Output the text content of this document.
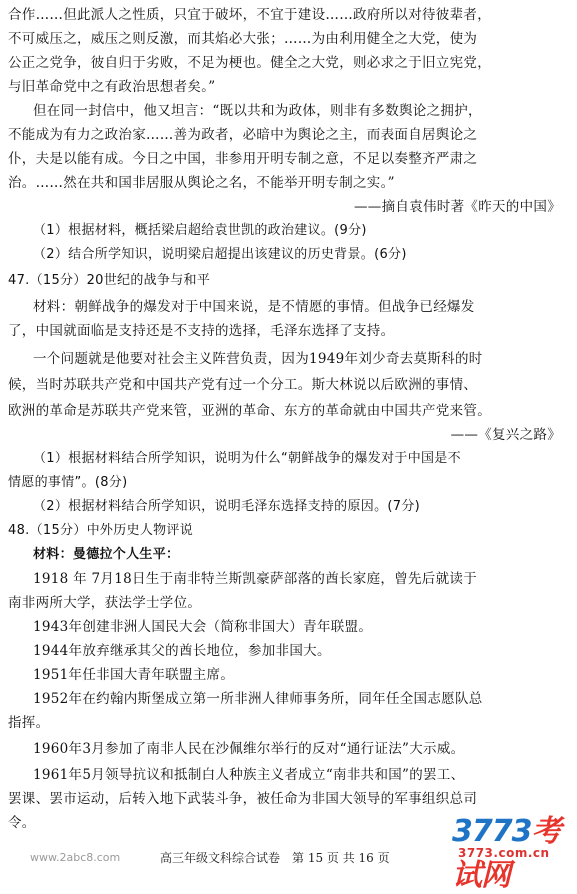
合作……但此派人之性质，只宜于破坏，不宜于建设……政府所以对待彼辈者，
不可威压之，威压之则反激，而其焰必大张；……为由利用健全之大党，使为
公正之党争，彼自归于劣败，不足为梗也。健全之大党，则必求之于旧立宪党，
与旧革命党中之有政治思想者矣。”
但在同一封信中，他又坦言：“既以共和为政体，则非有多数舆论之拥护，
不能成为有力之政治家……善为政者，必暗中为舆论之主，而表面自居舆论之
仆，夫是以能有成。今日之中国，非参用开明专制之意，不足以奏整齐严肃之
治。……然在共和国非居服从舆论之名，不能举开明专制之实。”
——摘自袁伟时著《昨天的中国》
（1）根据材料，概括梁启超给袁世凯的政治建议。(9分)
（2）结合所学知识，说明梁启超提出该建议的历史背景。(6分)
47.（15分）20世纪的战争与和平
材料：朝鲜战争的爆发对于中国来说，是不情愿的事情。但战争已经爆发
了，中国就面临是支持还是不支持的选择，毛泽东选择了支持。
一个问题就是他要对社会主义阵营负责，因为1949年刘少奇去莫斯科的时
候，当时苏联共产党和中国共产党有过一个分工。斯大林说以后欧洲的事情、
欧洲的革命是苏联共产党来管，亚洲的革命、东方的革命就由中国共产党来管。
——《复兴之路》
（1）根据材料结合所学知识，说明为什么“朝鲜战争的爆发对于中国是不
情愿的事情”。(8分)
（2）根据材料结合所学知识，说明毛泽东选择支持的原因。(7分)
48.（15分）中外历史人物评说
材料：曼德拉个人生平：
1918 年 7月18日生于南非特兰斯凯豪萨部落的酋长家庭，曾先后就读于
南非两所大学，获法学士学位。
1943年创建非洲人国民大会（简称非国大）青年联盟。
1944年放弃继承其父的酋长地位，参加非国大。
1951年任非国大青年联盟主席。
1952年在约翰内斯堡成立第一所非洲人律师事务所，同年任全国志愿队总
指挥。
1960年3月参加了南非人民在沙佩维尔举行的反对“通行证法”大示威。
1961年5月领导抗议和抵制白人种族主义者成立“南非共和国”的罢工、
罢课、罢市运动，后转入地下武装斗争，被任命为非国大领导的军事组织总司
令。
www.2abc8.com	高三年级文科综合试卷　第 15 页 共 16 页
3773考试网
3773.com.cn
